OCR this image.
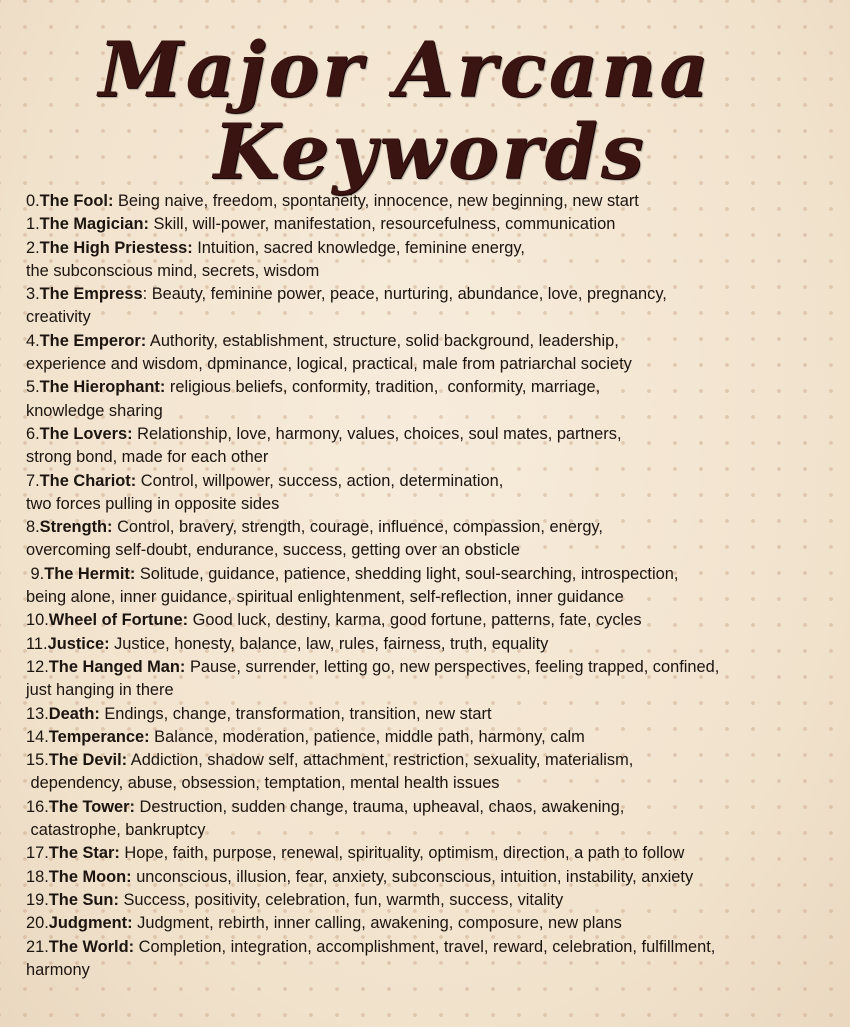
Major Arcana
Keywords
0.The Fool: Being naive, freedom, spontaneity, innocence, new beginning, new start
1.The Magician: Skill, will-power, manifestation, resourcefulness, communication
2.The High Priestess: Intuition, sacred knowledge, feminine energy,
the subconscious mind, secrets, wisdom
3.The Empress: Beauty, feminine power, peace, nurturing, abundance, love, pregnancy,
creativity
4.The Emperor: Authority, establishment, structure, solid background, leadership,
experience and wisdom, dpminance, logical, practical, male from patriarchal society
5.The Hierophant: religious beliefs, conformity, tradition,  conformity, marriage,
knowledge sharing
6.The Lovers: Relationship, love, harmony, values, choices, soul mates, partners,
strong bond, made for each other
7.The Chariot: Control, willpower, success, action, determination,
two forces pulling in opposite sides
8.Strength: Control, bravery, strength, courage, influence, compassion, energy,
overcoming self-doubt, endurance, success, getting over an obsticle
9.The Hermit: Solitude, guidance, patience, shedding light, soul-searching, introspection,
being alone, inner guidance, spiritual enlightenment, self-reflection, inner guidance
10.Wheel of Fortune: Good luck, destiny, karma, good fortune, patterns, fate, cycles
11.Justice: Justice, honesty, balance, law, rules, fairness, truth, equality
12.The Hanged Man: Pause, surrender, letting go, new perspectives, feeling trapped, confined,
just hanging in there
13.Death: Endings, change, transformation, transition, new start
14.Temperance: Balance, moderation, patience, middle path, harmony, calm
15.The Devil: Addiction, shadow self, attachment, restriction, sexuality, materialism,
dependency, abuse, obsession, temptation, mental health issues
16.The Tower: Destruction, sudden change, trauma, upheaval, chaos, awakening,
catastrophe, bankruptcy
17.The Star: Hope, faith, purpose, renewal, spirituality, optimism, direction, a path to follow
18.The Moon: unconscious, illusion, fear, anxiety, subconscious, intuition, instability, anxiety
19.The Sun: Success, positivity, celebration, fun, warmth, success, vitality
20.Judgment: Judgment, rebirth, inner calling, awakening, composure, new plans
21.The World: Completion, integration, accomplishment, travel, reward, celebration, fulfillment,
harmony
